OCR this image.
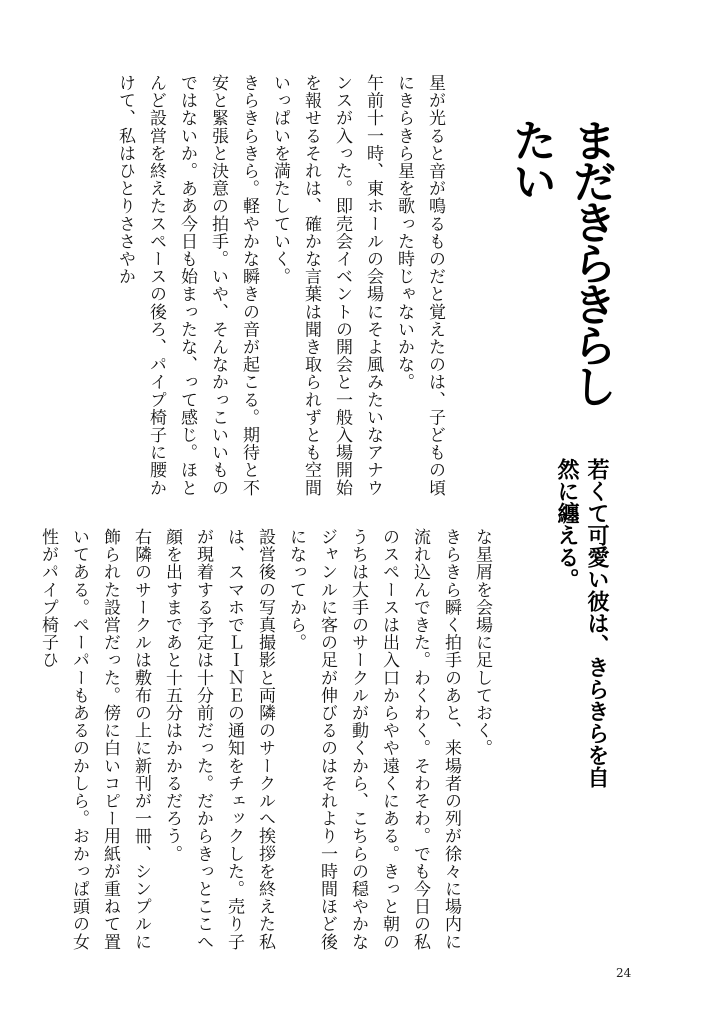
まだきらきらしたい
若くて可愛い彼は、きらきらを自然に纏える。
星が光ると音が鳴るものだと覚えたのは、子どもの頃にきらきら星を歌った時じゃないかな。
午前十一時、東ホールの会場にそよ風みたいなアナウンスが入った。即売会イベントの開会と一般入場開始を報せるそれは、確かな言葉は聞き取られずとも空間いっぱいを満たしていく。
きらきらきら。軽やかな瞬きの音が起こる。期待と不安と緊張と決意の拍手。いや、そんなかっこいいものではないか。ああ今日も始まったな、って感じ。ほとんど設営を終えたスペースの後ろ、パイプ椅子に腰かけて、私はひとりささやか
な星屑を会場に足しておく。
きらきら瞬く拍手のあと、来場者の列が徐々に場内に流れ込んできた。わくわく。そわそわ。でも今日の私のスペースは出入口からやや遠くにある。きっと朝のうちは大手のサークルが動くから、こちらの穏やかなジャンルに客の足が伸びるのはそれより一時間ほど後になってから。
設営後の写真撮影と両隣のサークルへ挨拶を終えた私は、スマホでＬＩＮＥの通知をチェックした。売り子が現着する予定は十分前だった。だからきっとここへ顔を出すまであと十五分はかかるだろう。
右隣のサークルは敷布の上に新刊が一冊、シンプルに飾られた設営だった。傍に白いコピー用紙が重ねて置いてある。ペーパーもあるのかしら。おかっぱ頭の女性がパイプ椅子ひ
24
